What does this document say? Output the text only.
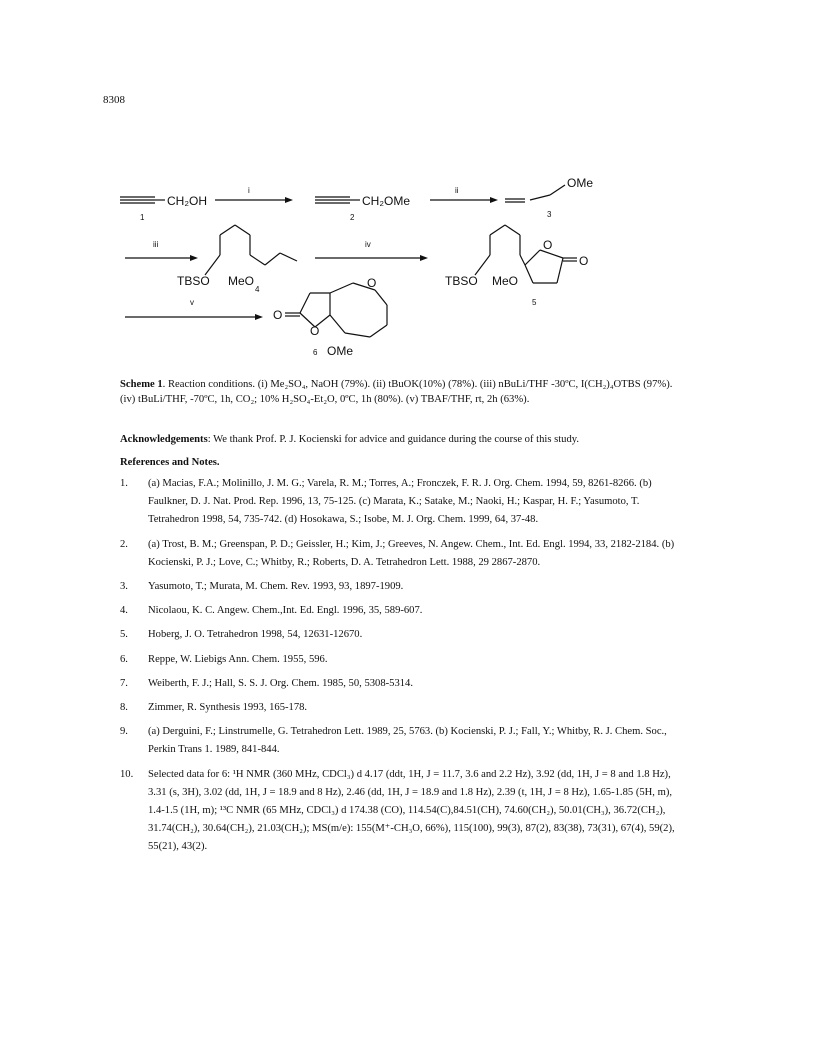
8308
CH₂OH
1
i
CH₂OMe
2
ii
OMe
3
iii
TBSO MeO
4
iv
TBSO MeO
O
O
5
v
O
O
O
OMe
6
Scheme 1. Reaction conditions. (i) Me₂SO₄, NaOH (79%). (ii) tBuOK(10%) (78%). (iii) nBuLi/THF -30ºC, I(CH₂)₄OTBS (97%). (iv) tBuLi/THF, -70ºC, 1h, CO₂; 10% H₂SO₄-Et₂O, 0ºC, 1h (80%). (v) TBAF/THF, rt, 2h (63%).
Acknowledgements: We thank Prof. P. J. Kocienski for advice and guidance during the course of this study.
References and Notes.
1.	(a) Macias, F.A.; Molinillo, J. M. G.; Varela, R. M.; Torres, A.; Fronczek, F. R. J. Org. Chem. 1994, 59, 8261-8266. (b) Faulkner, D. J. Nat. Prod. Rep. 1996, 13, 75-125. (c) Marata, K.; Satake, M.; Naoki, H.; Kaspar, H. F.; Yasumoto, T. Tetrahedron 1998, 54, 735-742. (d) Hosokawa, S.; Isobe, M. J. Org. Chem. 1999, 64, 37-48.
2.	(a) Trost, B. M.; Greenspan, P. D.; Geissler, H.; Kim, J.; Greeves, N. Angew. Chem., Int. Ed. Engl. 1994, 33, 2182-2184. (b) Kocienski, P. J.; Love, C.; Whitby, R.; Roberts, D. A. Tetrahedron Lett. 1988, 29 2867-2870.
3.	Yasumoto, T.; Murata, M. Chem. Rev. 1993, 93, 1897-1909.
4.	Nicolaou, K. C. Angew. Chem.,Int. Ed. Engl. 1996, 35, 589-607.
5.	Hoberg, J. O. Tetrahedron 1998, 54, 12631-12670.
6.	Reppe, W. Liebigs Ann. Chem. 1955, 596.
7.	Weiberth, F. J.; Hall, S. S. J. Org. Chem. 1985, 50, 5308-5314.
8.	Zimmer, R. Synthesis 1993, 165-178.
9.	(a) Derguini, F.; Linstrumelle, G. Tetrahedron Lett. 1989, 25, 5763. (b) Kocienski, P. J.; Fall, Y.; Whitby, R. J. Chem. Soc., Perkin Trans 1. 1989, 841-844.
10.	Selected data for 6: ¹H NMR (360 MHz, CDCl₃) d 4.17 (ddt, 1H, J = 11.7, 3.6 and 2.2 Hz), 3.92 (dd, 1H, J = 8 and 1.8 Hz), 3.31 (s, 3H), 3.02 (dd, 1H, J = 18.9 and 8 Hz), 2.46 (dd, 1H, J = 18.9 and 1.8 Hz), 2.39 (t, 1H, J = 8 Hz), 1.65-1.85 (5H, m), 1.4-1.5 (1H, m); ¹³C NMR (65 MHz, CDCl₃) d 174.38 (CO), 114.54(C),84.51(CH), 74.60(CH₂), 50.01(CH₃), 36.72(CH₂), 31.74(CH₂), 30.64(CH₂), 21.03(CH₂); MS(m/e): 155(M⁺-CH₃O, 66%), 115(100), 99(3), 87(2), 83(38), 73(31), 67(4), 59(2), 55(21), 43(2).
